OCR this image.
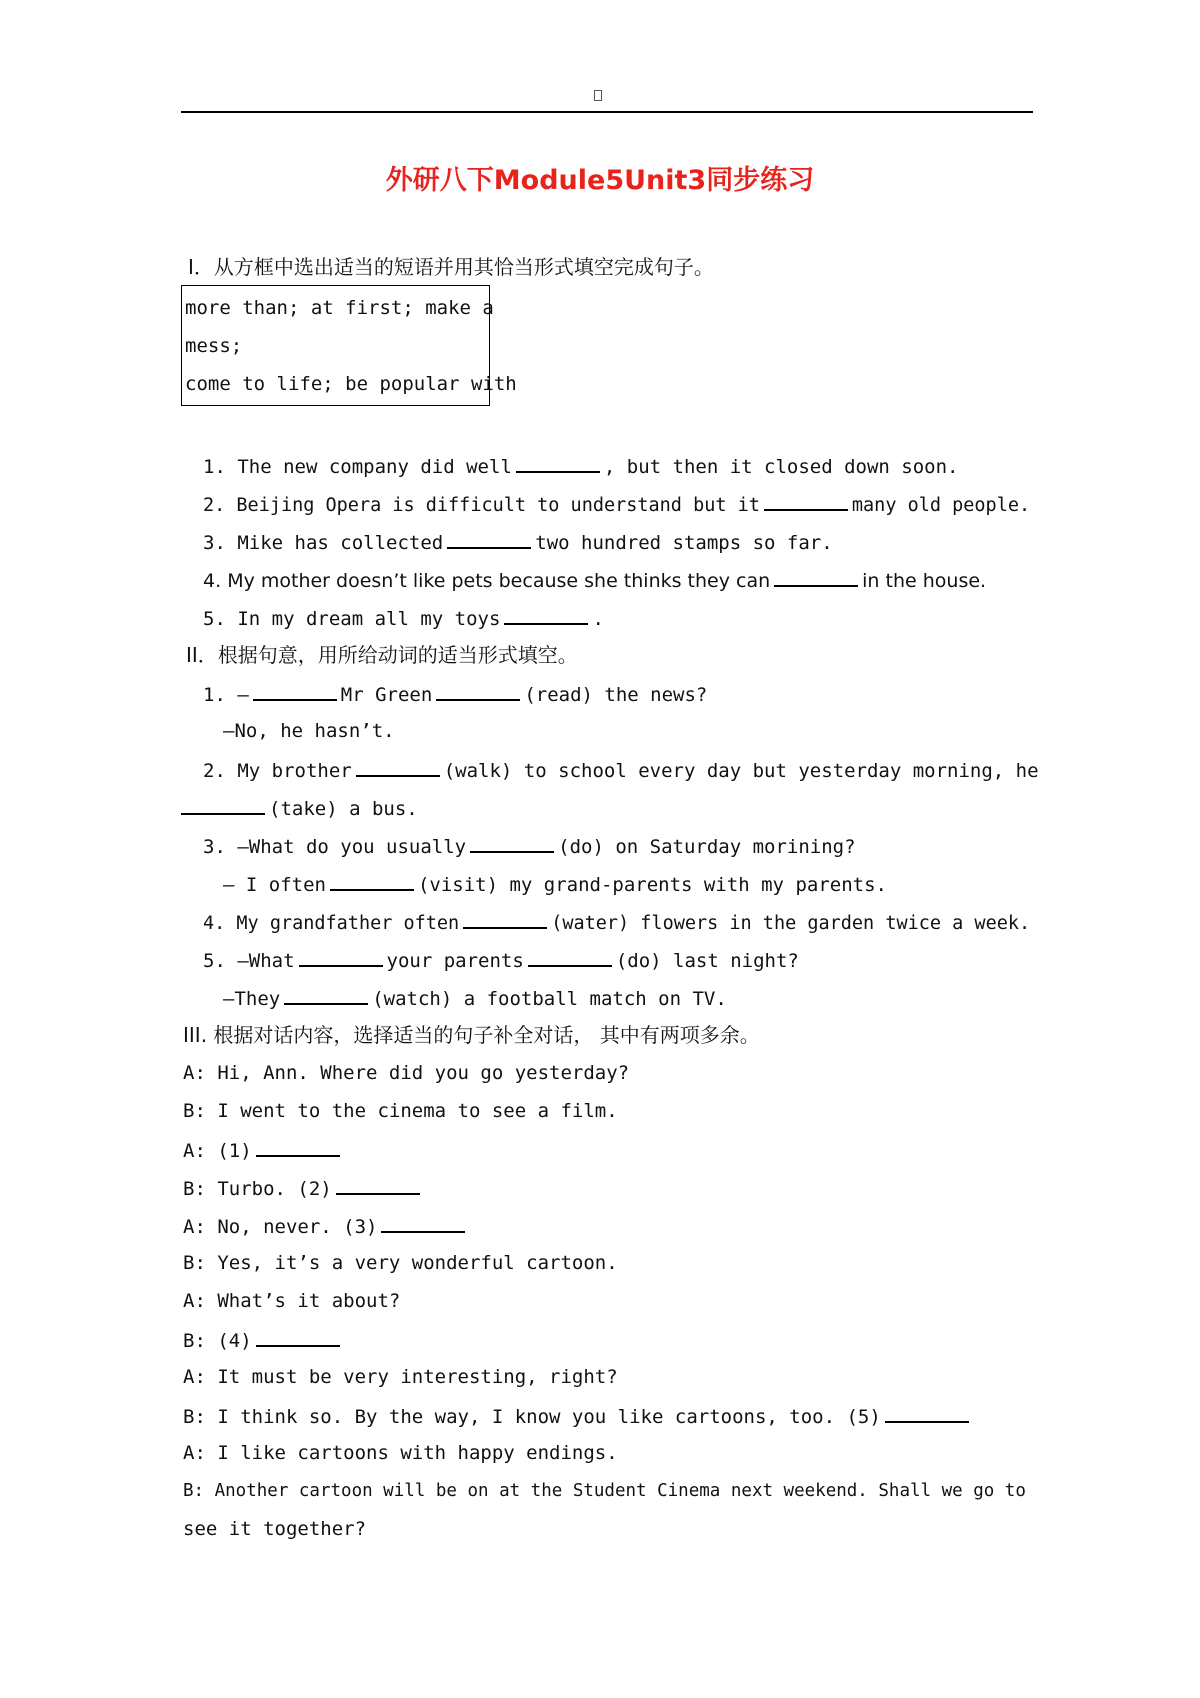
外研八下Module5Unit3同步练习
I．从方框中选出适当的短语并用其恰当形式填空完成句子。
more than; at first; make a
mess;
come to life; be popular with
1. The new company did well	, but then it closed down soon.
2. Beijing Opera is difficult to understand but it	many old people.
3. Mike has collected	two hundred stamps so far.
4. My mother doesn’t like pets because she thinks they can	in the house.
5. In my dream all my toys	.
II．根据句意，用所给动词的适当形式填空。
1. —	Mr Green	(read) the news?
—No, he hasn’t.
2. My brother	(walk) to school every day but yesterday morning, he
(take) a bus.
3. —What do you usually	(do) on Saturday morining?
— I often	(visit) my grand-parents with my parents.
4. My grandfather often	(water) flowers in the garden twice a week.
5. —What	your parents	(do) last night?
—They	(watch) a football match on TV.
III. 根据对话内容，选择适当的句子补全对话， 其中有两项多余。
A: Hi, Ann. Where did you go yesterday?
B: I went to the cinema to see a film.
A: (1)
B: Turbo. (2)
A: No, never. (3)
B: Yes, it’s a very wonderful cartoon.
A: What’s it about?
B: (4)
A: It must be very interesting, right?
B: I think so. By the way, I know you like cartoons, too. (5)
A: I like cartoons with happy endings.
B: Another cartoon will be on at the Student Cinema next weekend. Shall we go to
see it together?
